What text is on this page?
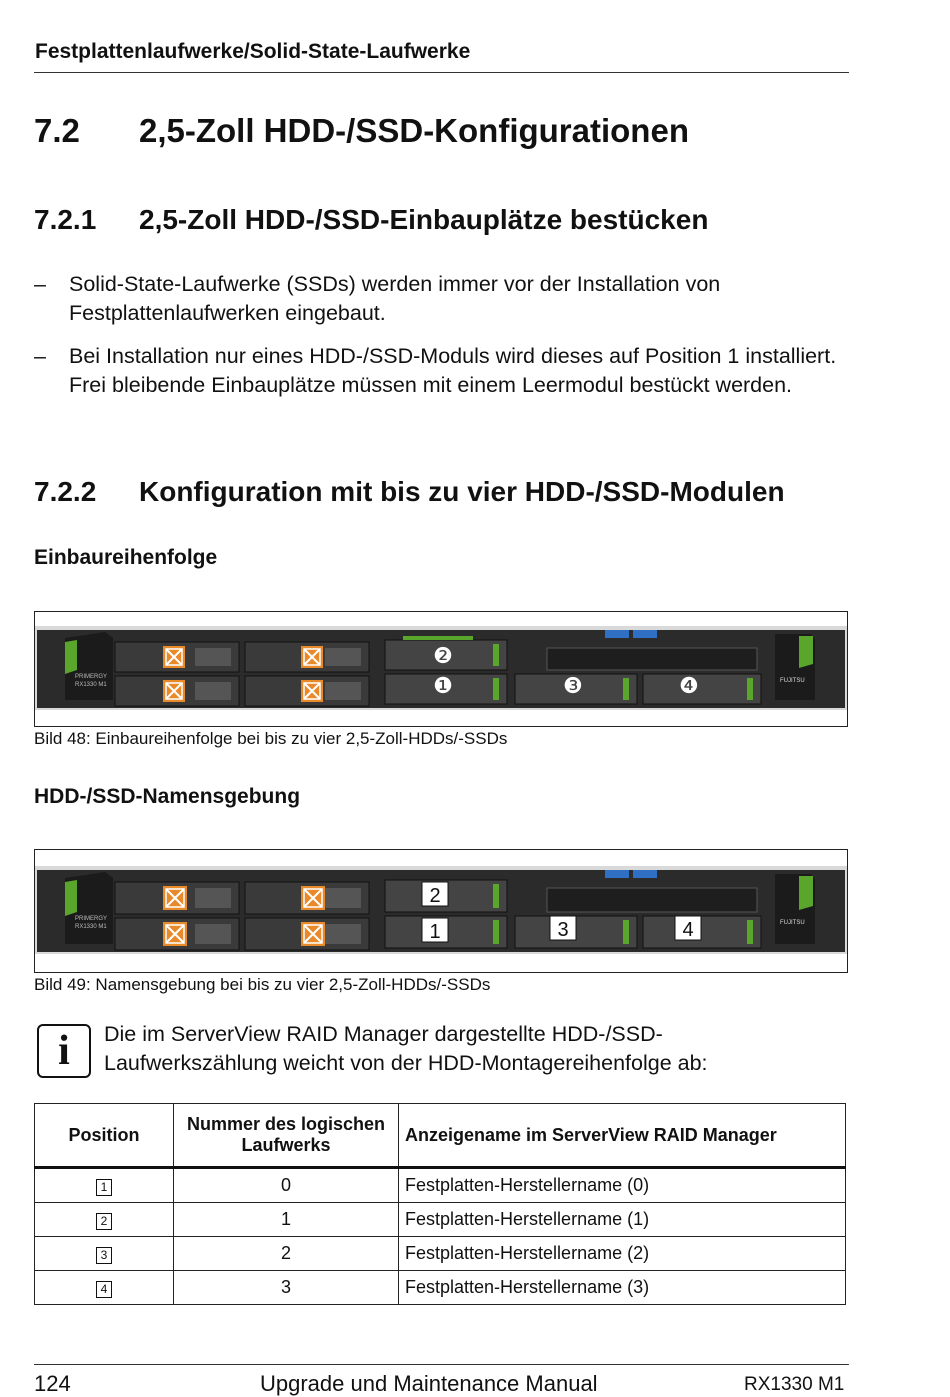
Festplattenlaufwerke/Solid-State-Laufwerke
7.2 2,5-Zoll HDD-/SSD-Konfigurationen
7.2.1 2,5-Zoll HDD-/SSD-Einbauplätze bestücken
– Solid-State-Laufwerke (SSDs) werden immer vor der Installation von Festplattenlaufwerken eingebaut.
– Bei Installation nur eines HDD-/SSD-Moduls wird dieses auf Position 1 installiert. Frei bleibende Einbauplätze müssen mit einem Leermodul bestückt werden.
7.2.2 Konfiguration mit bis zu vier HDD-/SSD-Modulen
Einbaureihenfolge
PRIMERGY
RX1330 M1
FUJITSU
❶
❷
❸	❹
Bild 48: Einbaureihenfolge bei bis zu vier 2,5-Zoll-HDDs/-SSDs
HDD-/SSD-Namensgebung
PRIMERGY
RX1330 M1
FUJITSU
1
2
3	4
Bild 49: Namensgebung bei bis zu vier 2,5-Zoll-HDDs/-SSDs
i	Die im ServerView RAID Manager dargestellte HDD-/SSD-Laufwerkszählung weicht von der HDD-Montagereihenfolge ab:
Position	Nummer des logischen Laufwerks	Anzeigename im ServerView RAID Manager
1	0	Festplatten-Herstellername (0)
2	1	Festplatten-Herstellername (1)
3	2	Festplatten-Herstellername (2)
4	3	Festplatten-Herstellername (3)
124	Upgrade und Maintenance Manual	RX1330 M1
